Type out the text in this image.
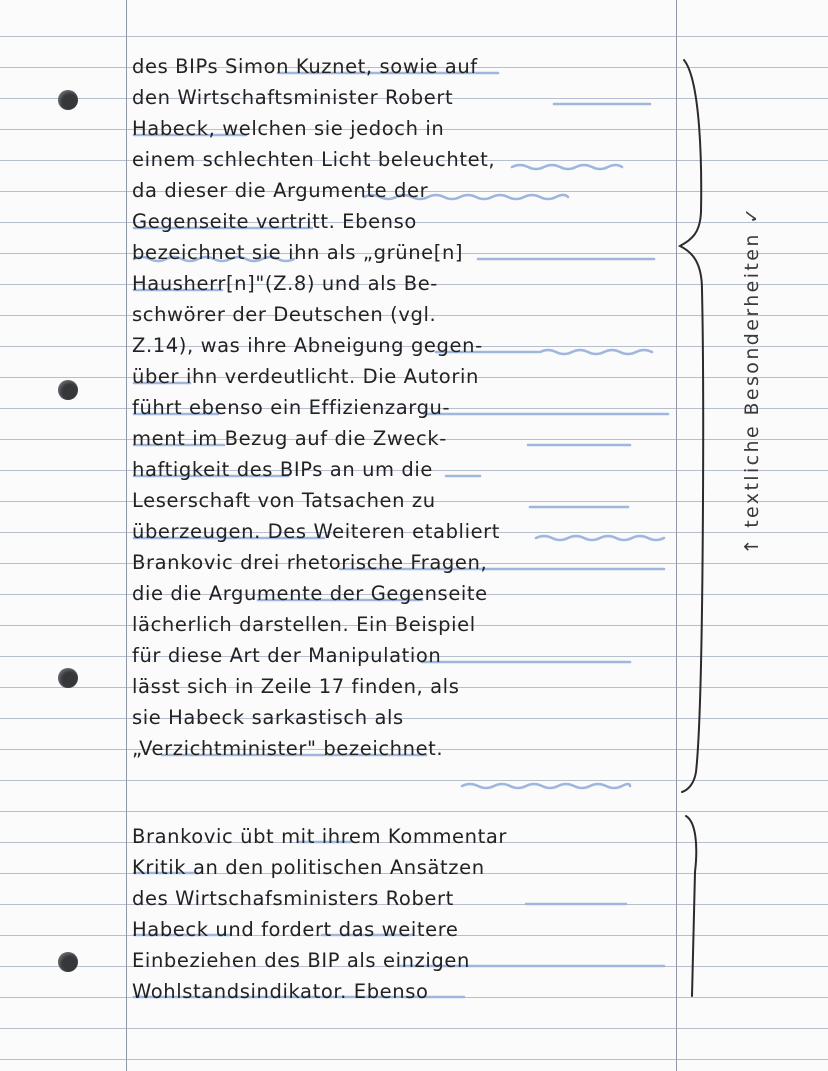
des BIPs Simon Kuznet, sowie auf
den Wirtschaftsminister Robert
Habeck, welchen sie jedoch in
einem schlechten Licht beleuchtet,
da dieser die Argumente der
Gegenseite vertritt. Ebenso
bezeichnet sie ihn als „grüne[n]
Hausherr[n]"(Z.8) und als Be-
schwörer der Deutschen (vgl.
Z.14), was ihre Abneigung gegen-
über ihn verdeutlicht. Die Autorin
führt ebenso ein Effizienzargu-
ment im Bezug auf die Zweck-
haftigkeit des BIPs an um die
Leserschaft von Tatsachen zu
überzeugen. Des Weiteren etabliert
Brankovic drei rhetorische Fragen,
die die Argumente der Gegenseite
lächerlich darstellen. Ein Beispiel
für diese Art der Manipulation
lässt sich in Zeile 17 finden, als
sie Habeck sarkastisch als
„Verzichtminister" bezeichnet.
Brankovic übt mit ihrem Kommentar
Kritik an den politischen Ansätzen
des Wirtschafsministers Robert
Habeck und fordert das weitere
Einbeziehen des BIP als einzigen
Wohlstandsindikator. Ebenso
↑ textliche Besonderheiten ✓
